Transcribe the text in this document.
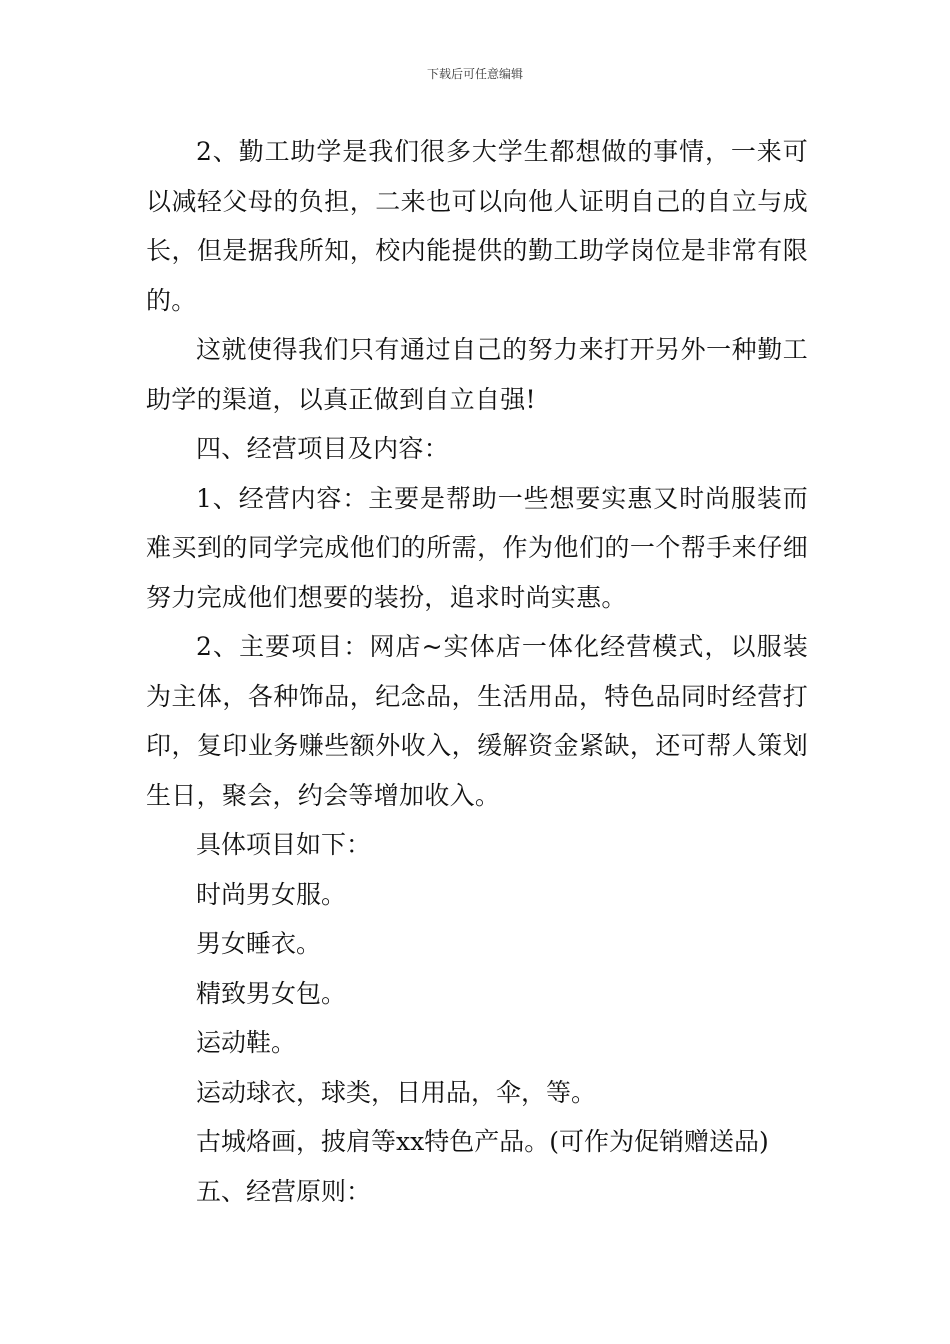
下载后可任意编辑

2、勤工助学是我们很多大学生都想做的事情，一来可以减轻父母的负担，二来也可以向他人证明自己的自立与成长，但是据我所知，校内能提供的勤工助学岗位是非常有限的。

这就使得我们只有通过自己的努力来打开另外一种勤工助学的渠道，以真正做到自立自强!

四、经营项目及内容：

1、经营内容：主要是帮助一些想要实惠又时尚服装而难买到的同学完成他们的所需，作为他们的一个帮手来仔细努力完成他们想要的装扮，追求时尚实惠。

2、主要项目：网店~实体店一体化经营模式，以服装为主体，各种饰品，纪念品，生活用品，特色品同时经营打印，复印业务赚些额外收入，缓解资金紧缺，还可帮人策划生日，聚会，约会等增加收入。

具体项目如下：

时尚男女服。

男女睡衣。

精致男女包。

运动鞋。

运动球衣，球类，日用品，伞，等。

古城烙画，披肩等xx特色产品。(可作为促销赠送品)

五、经营原则：
